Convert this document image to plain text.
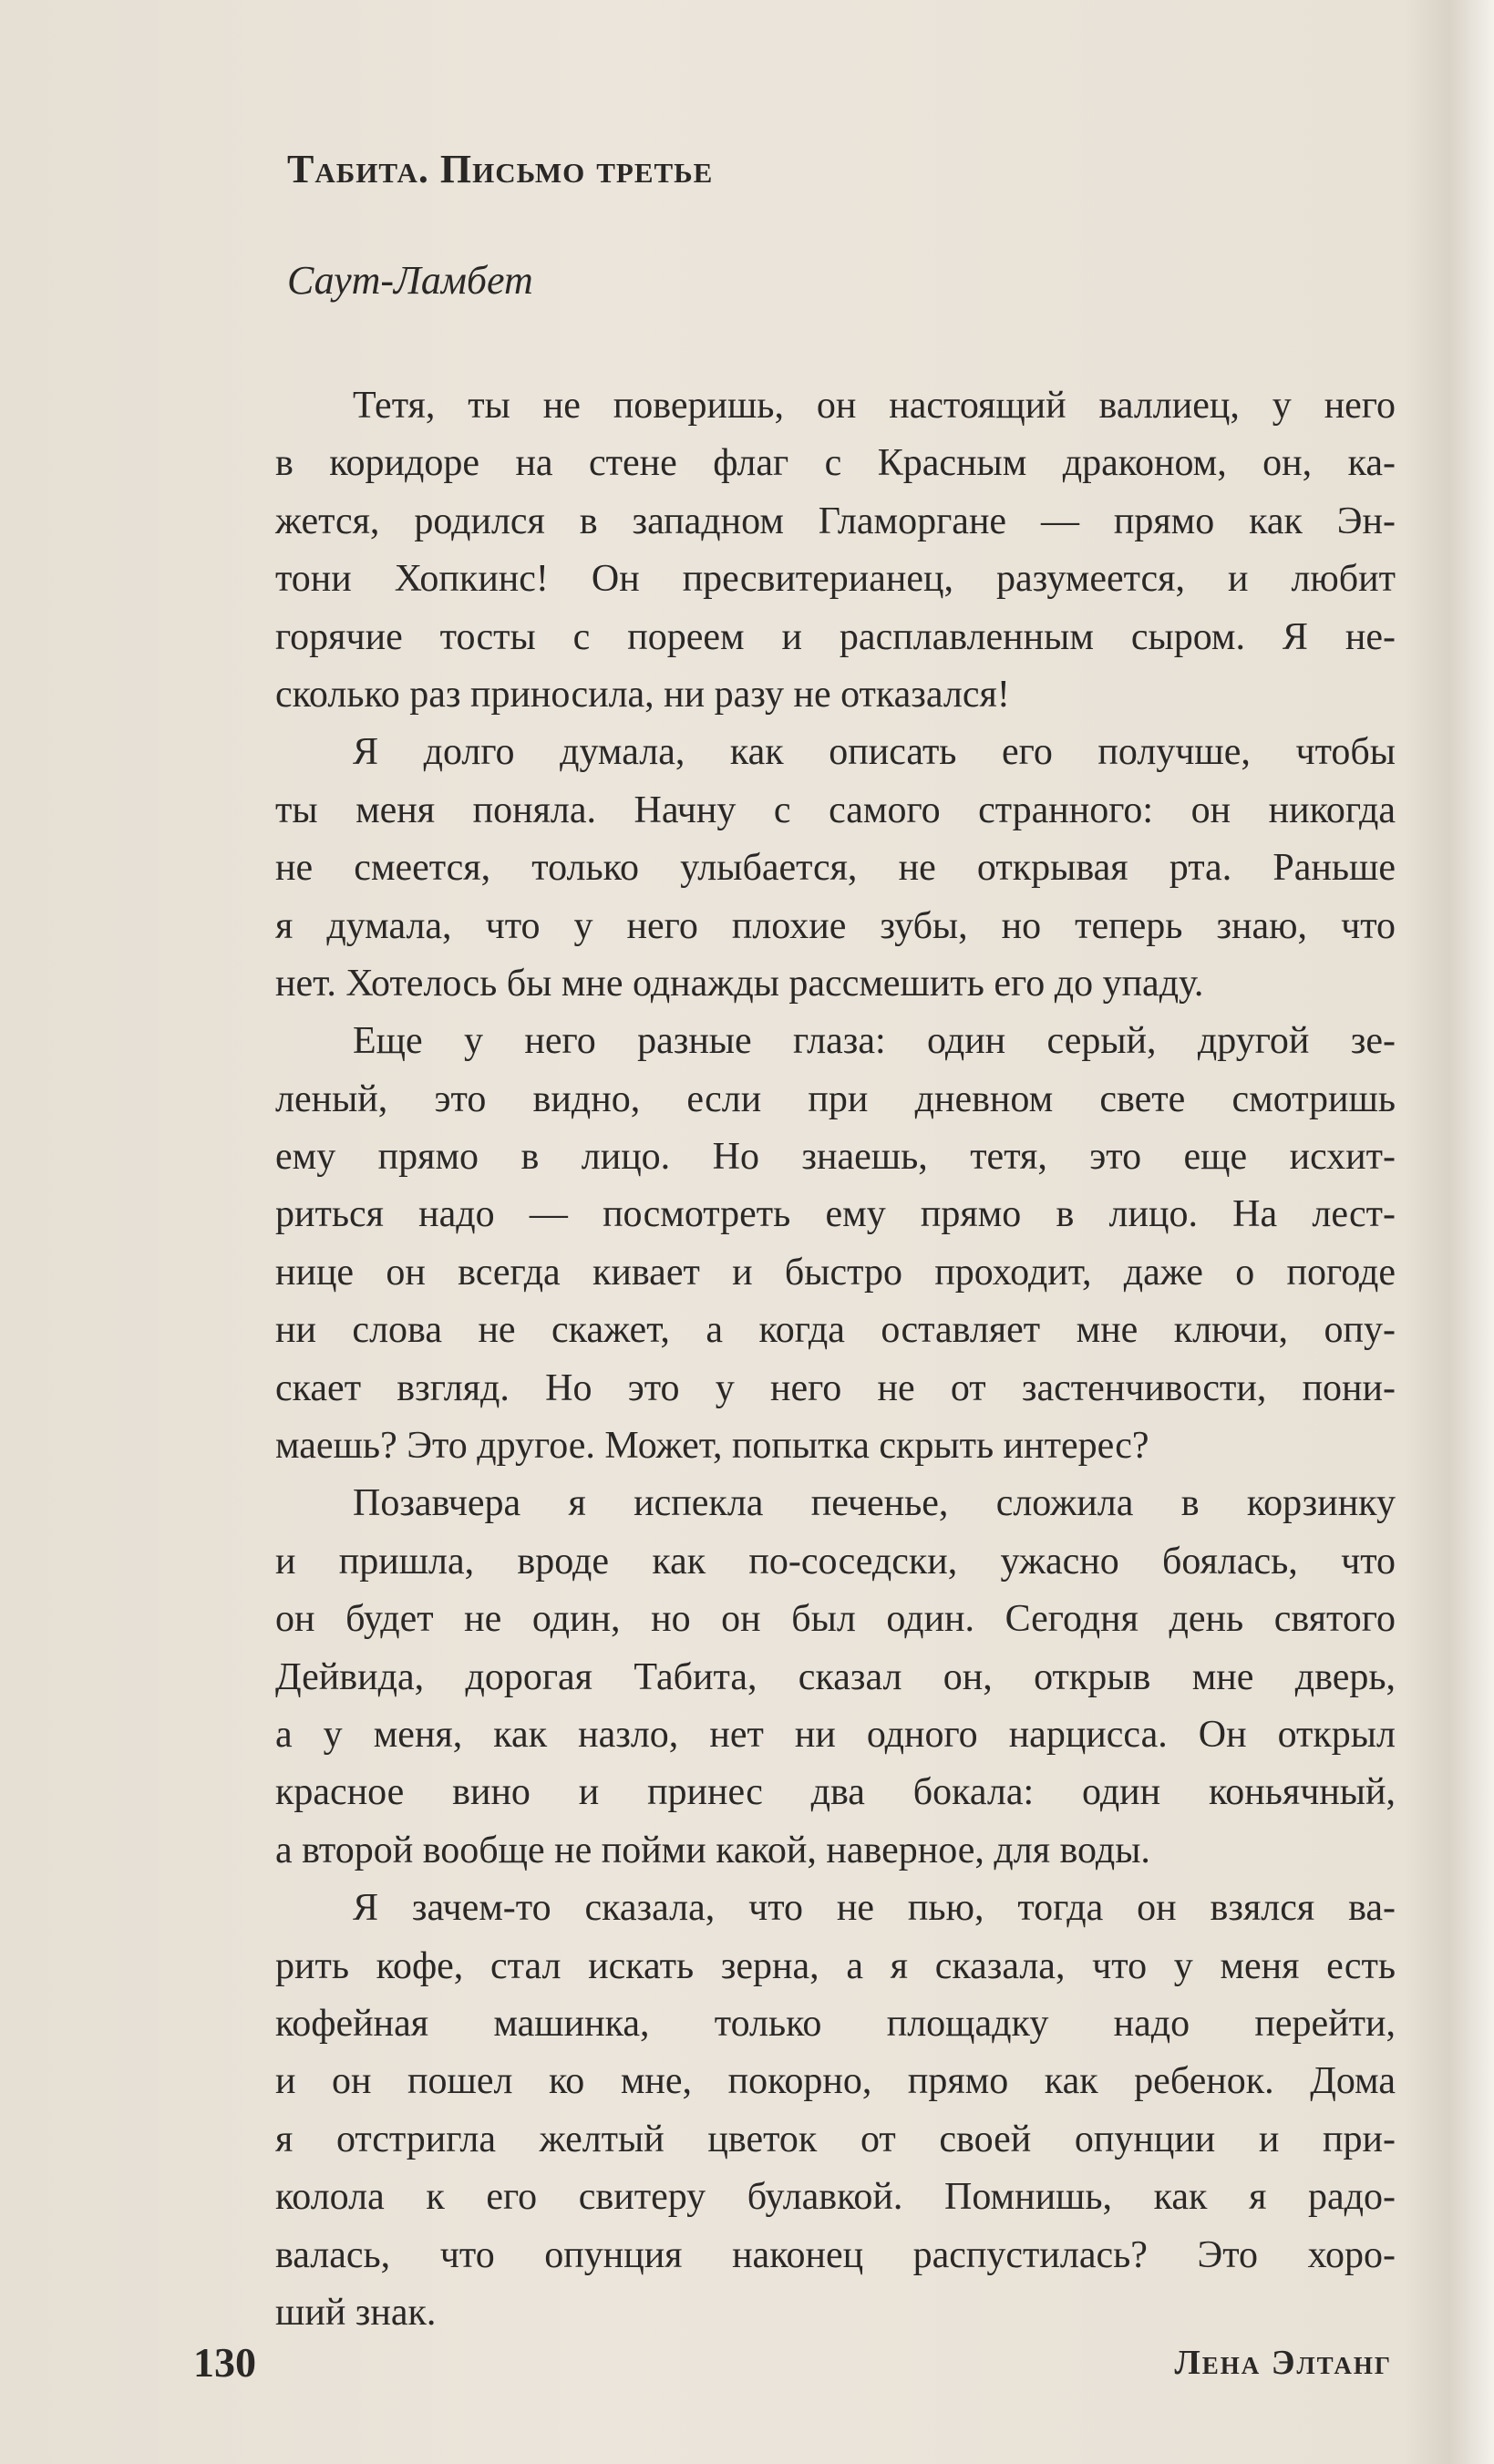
Табита. Письмо третье
Саут-Ламбет
Тетя, ты не поверишь, он настоящий валлиец, у него
в коридоре на стене флаг с Красным драконом, он, ка-
жется, родился в западном Гламоргане — прямо как Эн-
тони Хопкинс! Он пресвитерианец, разумеется, и любит
горячие тосты с пореем и расплавленным сыром. Я не-
сколько раз приносила, ни разу не отказался!
Я долго думала, как описать его получше, чтобы
ты меня поняла. Начну с самого странного: он никогда
не смеется, только улыбается, не открывая рта. Раньше
я думала, что у него плохие зубы, но теперь знаю, что
нет. Хотелось бы мне однажды рассмешить его до упаду.
Еще у него разные глаза: один серый, другой зе-
леный, это видно, если при дневном свете смотришь
ему прямо в лицо. Но знаешь, тетя, это еще исхит-
риться надо — посмотреть ему прямо в лицо. На лест-
нице он всегда кивает и быстро проходит, даже о погоде
ни слова не скажет, а когда оставляет мне ключи, опу-
скает взгляд. Но это у него не от застенчивости, пони-
маешь? Это другое. Может, попытка скрыть интерес?
Позавчера я испекла печенье, сложила в корзинку
и пришла, вроде как по-соседски, ужасно боялась, что
он будет не один, но он был один. Сегодня день святого
Дейвида, дорогая Табита, сказал он, открыв мне дверь,
а у меня, как назло, нет ни одного нарцисса. Он открыл
красное вино и принес два бокала: один коньячный,
а второй вообще не пойми какой, наверное, для воды.
Я зачем-то сказала, что не пью, тогда он взялся ва-
рить кофе, стал искать зерна, а я сказала, что у меня есть
кофейная машинка, только площадку надо перейти,
и он пошел ко мне, покорно, прямо как ребенок. Дома
я отстригла желтый цветок от своей опунции и при-
колола к его свитеру булавкой. Помнишь, как я радо-
валась, что опунция наконец распустилась? Это хоро-
ший знак.
130	Лена Элтанг
